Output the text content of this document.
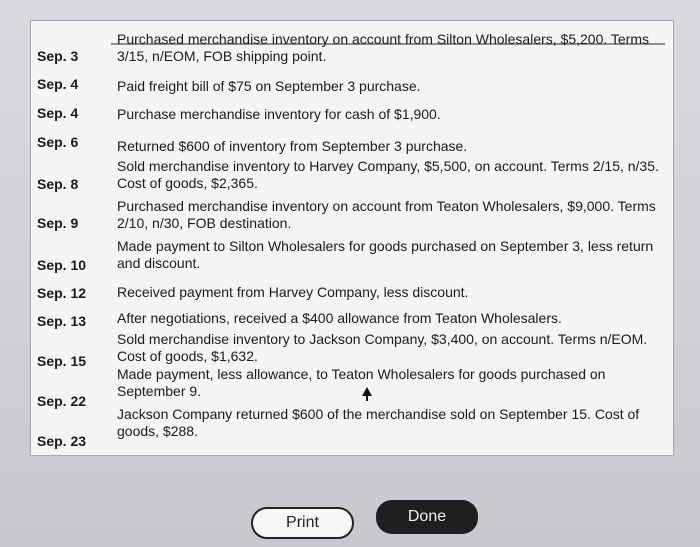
Sep. 3
Purchased merchandise inventory on account from Silton Wholesalers, $5,200. Terms
3/15, n/EOM, FOB shipping point.
Sep. 4	Paid freight bill of $75 on September 3 purchase.
Sep. 4	Purchase merchandise inventory for cash of $1,900.
Sep. 6	Returned $600 of inventory from September 3 purchase.
Sep. 8
Sold merchandise inventory to Harvey Company, $5,500, on account. Terms 2/15, n/35.
Cost of goods, $2,365.
Sep. 9
Purchased merchandise inventory on account from Teaton Wholesalers, $9,000. Terms
2/10, n/30, FOB destination.
Sep. 10
Made payment to Silton Wholesalers for goods purchased on September 3, less return
and discount.
Sep. 12 Received payment from Harvey Company, less discount.
Sep. 13 After negotiations, received a $400 allowance from Teaton Wholesalers.
Sep. 15
Sold merchandise inventory to Jackson Company, $3,400, on account. Terms n/EOM.
Cost of goods, $1,632.
Sep. 22
Made payment, less allowance, to Teaton Wholesalers for goods purchased on
September 9.
Sep. 23
Jackson Company returned $600 of the merchandise sold on September 15. Cost of
goods, $288.
Print	Done
